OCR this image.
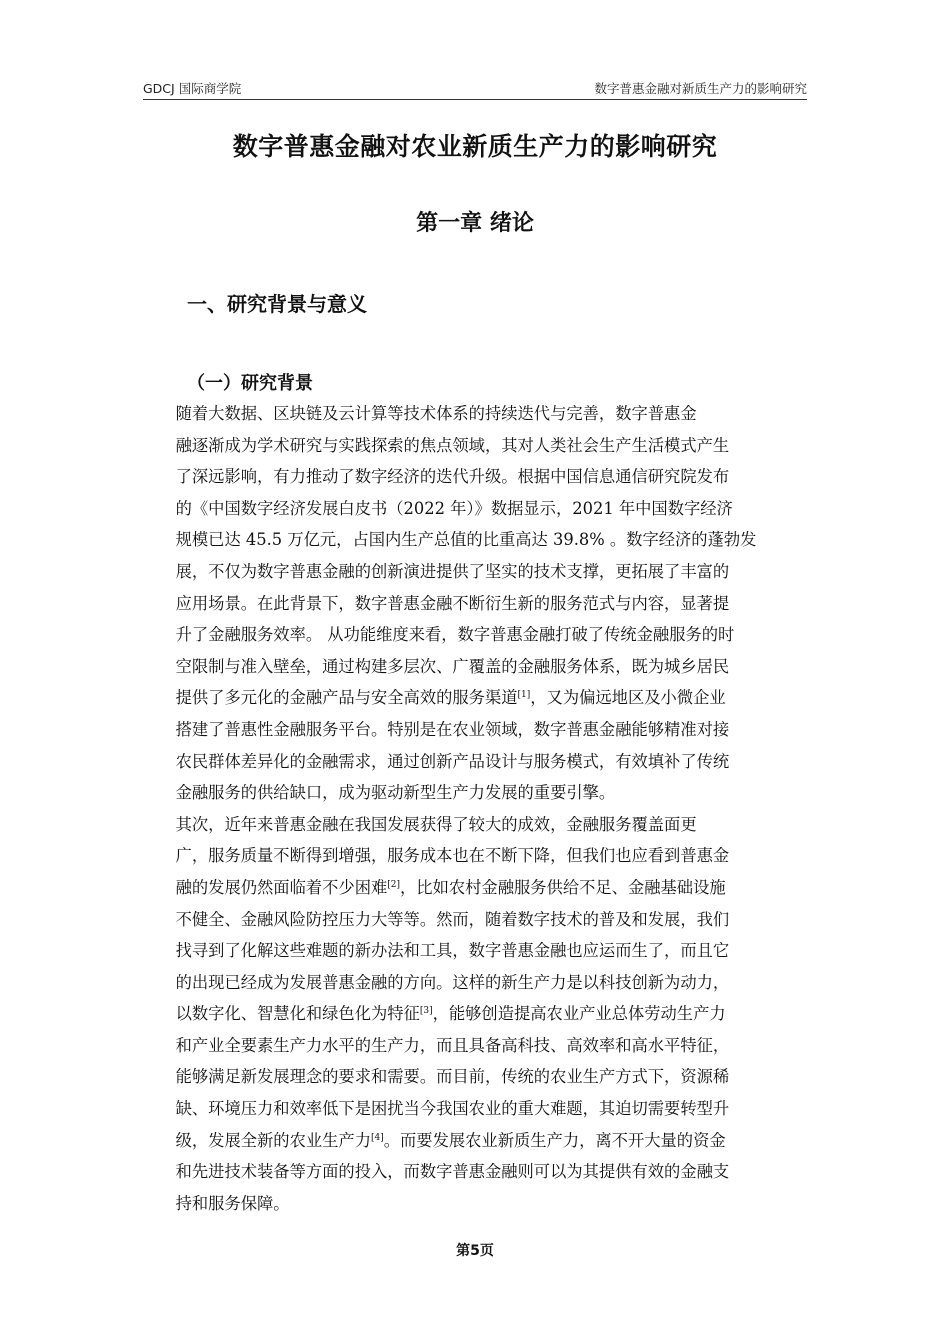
GDCJ 国际商学院	数字普惠金融对新质生产力的影响研究
数字普惠金融对农业新质生产力的影响研究
第一章 绪论
一、研究背景与意义
（一）研究背景

随着大数据、区块链及云计算等技术体系的持续迭代与完善，数字普惠金
融逐渐成为学术研究与实践探索的焦点领域，其对人类社会生产生活模式产生
了深远影响，有力推动了数字经济的迭代升级。根据中国信息通信研究院发布
的《中国数字经济发展白皮书（2022 年）》数据显示，2021 年中国数字经济
规模已达 45.5 万亿元，占国内生产总值的比重高达 39.8% 。数字经济的蓬勃发
展，不仅为数字普惠金融的创新演进提供了坚实的技术支撑，更拓展了丰富的
应用场景。在此背景下，数字普惠金融不断衍生新的服务范式与内容，显著提
升了金融服务效率。 从功能维度来看，数字普惠金融打破了传统金融服务的时
空限制与准入壁垒，通过构建多层次、广覆盖的金融服务体系，既为城乡居民
提供了多元化的金融产品与安全高效的服务渠道[1]，又为偏远地区及小微企业
搭建了普惠性金融服务平台。特别是在农业领域，数字普惠金融能够精准对接
农民群体差异化的金融需求，通过创新产品设计与服务模式，有效填补了传统
金融服务的供给缺口，成为驱动新型生产力发展的重要引擎。

其次，近年来普惠金融在我国发展获得了较大的成效，金融服务覆盖面更
广，服务质量不断得到增强，服务成本也在不断下降，但我们也应看到普惠金
融的发展仍然面临着不少困难[2]，比如农村金融服务供给不足、金融基础设施
不健全、金融风险防控压力大等等。然而，随着数字技术的普及和发展，我们
找寻到了化解这些难题的新办法和工具，数字普惠金融也应运而生了，而且它
的出现已经成为发展普惠金融的方向。这样的新生产力是以科技创新为动力，
以数字化、智慧化和绿色化为特征[3]，能够创造提高农业产业总体劳动生产力
和产业全要素生产力水平的生产力，而且具备高科技、高效率和高水平特征，
能够满足新发展理念的要求和需要。而目前，传统的农业生产方式下，资源稀
缺、环境压力和效率低下是困扰当今我国农业的重大难题，其迫切需要转型升
级，发展全新的农业生产力[4]。而要发展农业新质生产力，离不开大量的资金
和先进技术装备等方面的投入，而数字普惠金融则可以为其提供有效的金融支
持和服务保障。

第5页
